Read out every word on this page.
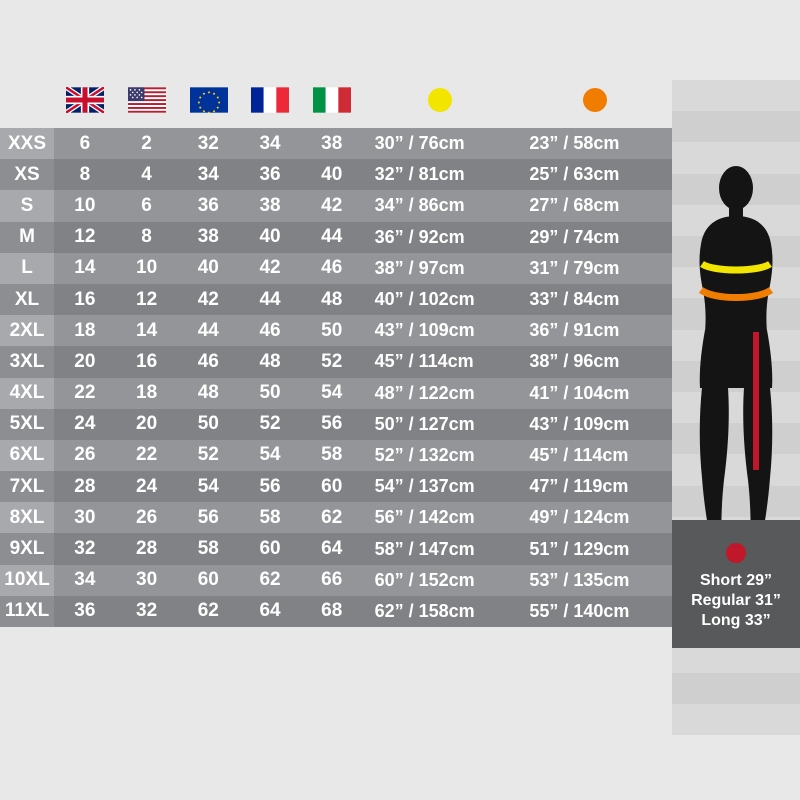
XXS	6	2	32	34	38	30” / 76cm	23” / 58cm
XS	8	4	34	36	40	32” / 81cm	25” / 63cm
S	10	6	36	38	42	34” / 86cm	27” / 68cm
M	12	8	38	40	44	36” / 92cm	29” / 74cm
L	14	10	40	42	46	38” / 97cm	31” / 79cm
XL	16	12	42	44	48	40” / 102cm	33” / 84cm
2XL	18	14	44	46	50	43” / 109cm	36” / 91cm
3XL	20	16	46	48	52	45” / 114cm	38” / 96cm
4XL	22	18	48	50	54	48” / 122cm	41” / 104cm
5XL	24	20	50	52	56	50” / 127cm	43” / 109cm
6XL	26	22	52	54	58	52” / 132cm	45” / 114cm
7XL	28	24	54	56	60	54” / 137cm	47” / 119cm
8XL	30	26	56	58	62	56” / 142cm	49” / 124cm
9XL	32	28	58	60	64	58” / 147cm	51” / 129cm
10XL	34	30	60	62	66	60” / 152cm	53” / 135cm
11XL	36	32	62	64	68	62” / 158cm	55” / 140cm
Short 29”
Regular 31”
Long 33”
